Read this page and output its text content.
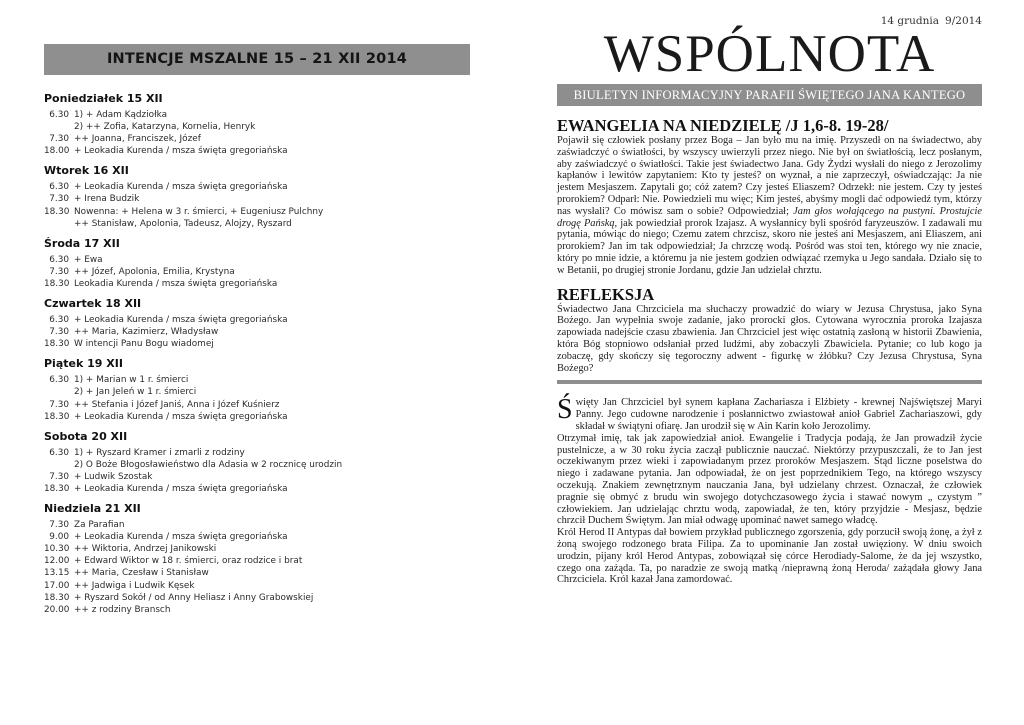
INTENCJE MSZALNE 15 – 21 XII 2014
Poniedziałek 15 XII
6.30 1) + Adam Kądziołka
2) ++ Zofia, Katarzyna, Kornelia, Henryk
7.30 ++ Joanna, Franciszek, Józef
18.00 + Leokadia Kurenda / msza święta gregoriańska
Wtorek 16 XII
6.30 + Leokadia Kurenda / msza święta gregoriańska
7.30 + Irena Budzik
18.30 Nowenna: + Helena w 3 r. śmierci, + Eugeniusz Pulchny
++ Stanisław, Apolonia, Tadeusz, Alojzy, Ryszard
Środa 17 XII
6.30 + Ewa
7.30 ++ Józef, Apolonia, Emilia, Krystyna
18.30 Leokadia Kurenda / msza święta gregoriańska
Czwartek 18 XII
6.30 + Leokadia Kurenda / msza święta gregoriańska
7.30 ++ Maria, Kazimierz, Władysław
18.30 W intencji Panu Bogu wiadomej
Piątek 19 XII
6.30 1) + Marian w 1 r. śmierci
2) + Jan Jeleń w 1 r. śmierci
7.30 ++ Stefania i Józef Janiś, Anna i Józef Kuśnierz
18.30 + Leokadia Kurenda / msza święta gregoriańska
Sobota 20 XII
6.30 1) + Ryszard Kramer i zmarli z rodziny
2) O Boże Błogosławieństwo dla Adasia w 2 rocznicę urodzin
7.30 + Ludwik Szostak
18.30 + Leokadia Kurenda / msza święta gregoriańska
Niedziela 21 XII
7.30 Za Parafian
9.00 + Leokadia Kurenda / msza święta gregoriańska
10.30 ++ Wiktoria, Andrzej Janikowski
12.00 + Edward Wiktor w 18 r. śmierci, oraz rodzice i brat
13.15 ++ Maria, Czesław i Stanisław
17.00 ++ Jadwiga i Ludwik Kęsek
18.30 + Ryszard Sokół / od Anny Heliasz i Anny Grabowskiej
20.00 ++ z rodziny Bransch
14 grudnia 9/2014
WSPÓLNOTA
BIULETYN INFORMACYJNY PARAFII ŚWIĘTEGO JANA KANTEGO
EWANGELIA NA NIEDZIELĘ /J 1,6-8. 19-28/

Pojawił się człowiek posłany przez Boga – Jan było mu na imię. Przyszedł on na świadectwo, aby zaświadczyć o światłości, by wszyscy uwierzyli przez niego. Nie był on światłością, lecz posłanym, aby zaświadczyć o światłości. Takie jest świadectwo Jana. Gdy Żydzi wysłali do niego z Jerozolimy kapłanów i lewitów zapytaniem: Kto ty jesteś? on wyznał, a nie zaprzeczył, oświadczając: Ja nie jestem Mesjaszem. Zapytali go; cóż zatem? Czy jesteś Eliaszem? Odrzekł: nie jestem. Czy ty jesteś prorokiem? Odparł: Nie. Powiedzieli mu więc; Kim jesteś, abyśmy mogli dać odpowiedź tym, którzy nas wysłali? Co mówisz sam o sobie? Odpowiedział; Jam głos wołającego na pustyni. Prostujcie drogę Pańską, jak powiedział prorok Izajasz. A wysłannicy byli spośród faryzeuszów. I zadawali mu pytania, mówiąc do niego; Czemu zatem chrzcisz, skoro nie jesteś ani Mesjaszem, ani Eliaszem, ani prorokiem? Jan im tak odpowiedział; Ja chrzczę wodą. Pośród was stoi ten, którego wy nie znacie, który po mnie idzie, a któremu ja nie jestem godzien odwiązać rzemyka u Jego sandała. Działo się to w Betanii, po drugiej stronie Jordanu, gdzie Jan udzielał chrztu.

REFLEKSJA

Świadectwo Jana Chrzciciela ma słuchaczy prowadzić do wiary w Jezusa Chrystusa, jako Syna Bożego. Jan wypełnia swoje zadanie, jako prorocki głos. Cytowana wyrocznia proroka Izajasza zapowiada nadejście czasu zbawienia. Jan Chrzciciel jest więc ostatnią zasłoną w historii Zbawienia, która Bóg stopniowo odsłaniał przed ludźmi, aby zobaczyli Zbawiciela. Pytanie; co lub kogo ja zobaczę, gdy skończy się tegoroczny adwent - figurkę w żłóbku? Czy Jezusa Chrystusa, Syna Bożego?

Święty Jan Chrzciciel był synem kapłana Zachariasza i Elżbiety - krewnej Najświętszej Maryi Panny. Jego cudowne narodzenie i posłannictwo zwiastował anioł Gabriel Zachariaszowi, gdy składał w świątyni ofiarę. Jan urodził się w Ain Karin koło Jerozolimy.

Otrzymał imię, tak jak zapowiedział anioł. Ewangelie i Tradycja podają, że Jan prowadził życie pustelnicze, a w 30 roku życia zaczął publicznie nauczać. Niektórzy przypuszczali, że to Jan jest oczekiwanym przez wieki i zapowiadanym przez proroków Mesjaszem. Stąd liczne poselstwa do niego i zadawane pytania. Jan odpowiadał, że on jest poprzednikiem Tego, na którego wszyscy oczekują. Znakiem zewnętrznym nauczania Jana, był udzielany chrzest. Oznaczał, że człowiek pragnie się obmyć z brudu win swojego dotychczasowego życia i stawać nowym „ czystym ” człowiekiem. Jan udzielając chrztu wodą, zapowiadał, że ten, który przyjdzie - Mesjasz, będzie chrzcił Duchem Świętym. Jan miał odwagę upominać nawet samego władcę.

Król Herod II Antypas dał bowiem przykład publicznego zgorszenia, gdy porzucił swoją żonę, a żył z żoną swojego rodzonego brata Filipa. Za to upominanie Jan został uwięziony. W dniu swoich urodzin, pijany król Herod Antypas, zobowiązał się córce Herodiady-Salome, że da jej wszystko, czego ona zażąda. Ta, po naradzie ze swoją matką /nieprawną żoną Heroda/ zażądała głowy Jana Chrzciciela. Król kazał Jana zamordować.
